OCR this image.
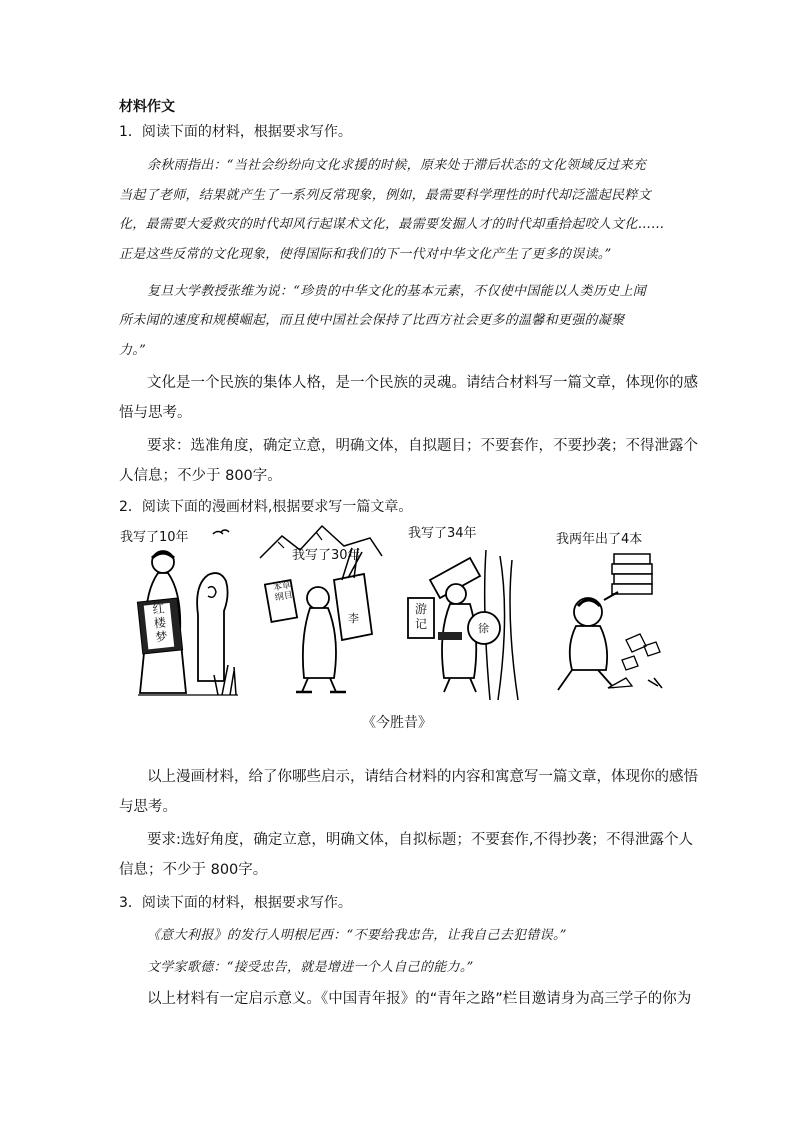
材料作文
1．阅读下面的材料，根据要求写作。
余秋雨指出：“当社会纷纷向文化求援的时候，原来处于滞后状态的文化领域反过来充
当起了老师，结果就产生了一系列反常现象，例如，最需要科学理性的时代却泛滥起民粹文
化，最需要大爱救灾的时代却风行起谋术文化，最需要发掘人才的时代却重拾起咬人文化……
正是这些反常的文化现象，使得国际和我们的下一代对中华文化产生了更多的误读。”
复旦大学教授张维为说：“珍贵的中华文化的基本元素，不仅使中国能以人类历史上闻
所未闻的速度和规模崛起，而且使中国社会保持了比西方社会更多的温馨和更强的凝聚
力。”
文化是一个民族的集体人格，是一个民族的灵魂。请结合材料写一篇文章，体现你的感
悟与思考。
要求：选准角度，确定立意，明确文体，自拟题目；不要套作，不要抄袭；不得泄露个
人信息；不少于 800字。
2．阅读下面的漫画材料,根据要求写一篇文章。
我写了10年
红楼梦
我写了30年
本草纲目
李
我写了34年
游记	徐
我两年出了4本
《今胜昔》
以上漫画材料，给了你哪些启示，请结合材料的内容和寓意写一篇文章，体现你的感悟
与思考。
要求:选好角度，确定立意，明确文体，自拟标题；不要套作,不得抄袭；不得泄露个人
信息；不少于 800字。
3．阅读下面的材料，根据要求写作。
《意大利报》的发行人明根尼西：“不要给我忠告，让我自己去犯错误。”
文学家歌德：“接受忠告，就是增进一个人自己的能力。”
以上材料有一定启示意义。《中国青年报》的“青年之路”栏目邀请身为高三学子的你为
